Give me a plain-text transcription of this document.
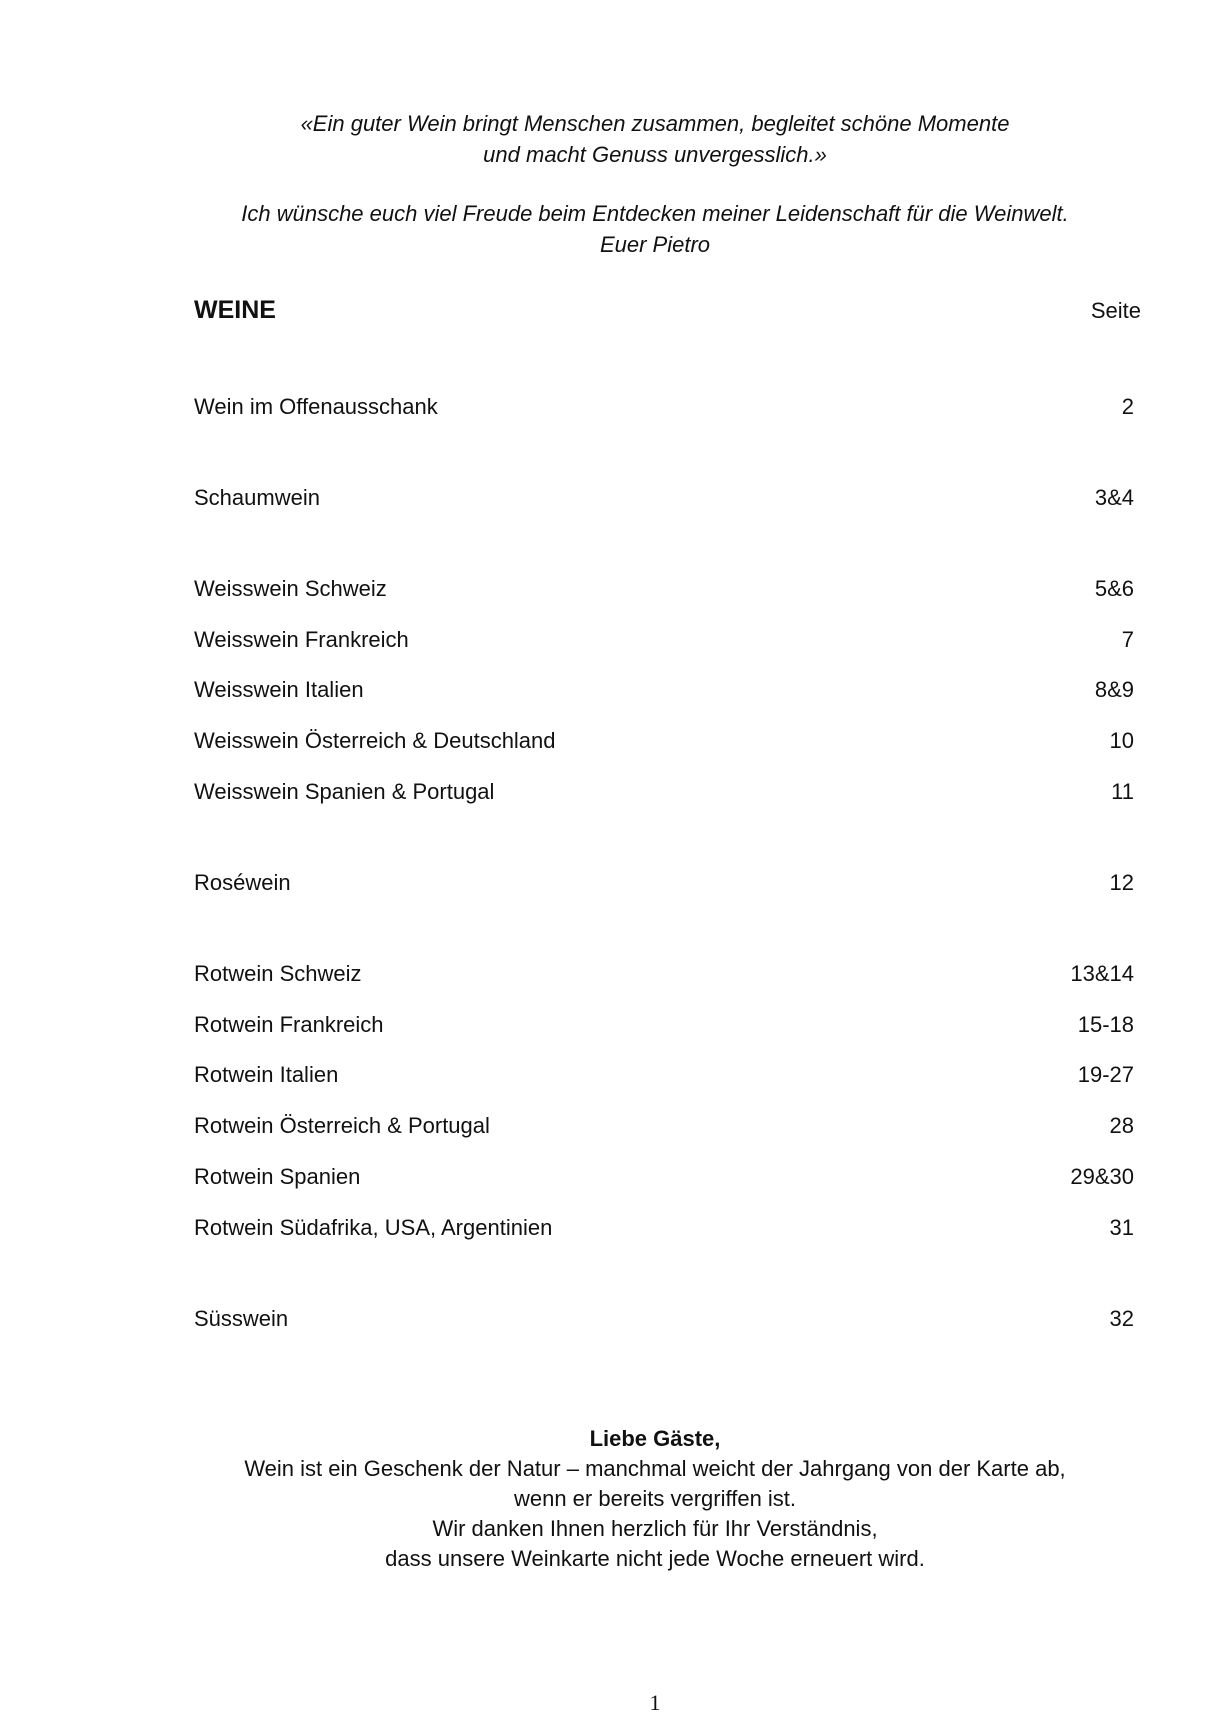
«Ein guter Wein bringt Menschen zusammen, begleitet schöne Momente

und macht Genuss unvergesslich.»

Ich wünsche euch viel Freude beim Entdecken meiner Leidenschaft für die Weinwelt.

Euer Pietro

WEINE	Seite
Wein im Offenausschank	2
Schaumwein	3&4
Weisswein Schweiz	5&6
Weisswein Frankreich	7
Weisswein Italien	8&9
Weisswein Österreich & Deutschland	10
Weisswein Spanien & Portugal	11
Roséwein	12
Rotwein Schweiz	13&14
Rotwein Frankreich	15-18
Rotwein Italien	19-27
Rotwein Österreich & Portugal	28
Rotwein Spanien	29&30
Rotwein Südafrika, USA, Argentinien	31
Süsswein	32

Liebe Gäste,

Wein ist ein Geschenk der Natur – manchmal weicht der Jahrgang von der Karte ab,

wenn er bereits vergriffen ist.

Wir danken Ihnen herzlich für Ihr Verständnis,

dass unsere Weinkarte nicht jede Woche erneuert wird.

1
